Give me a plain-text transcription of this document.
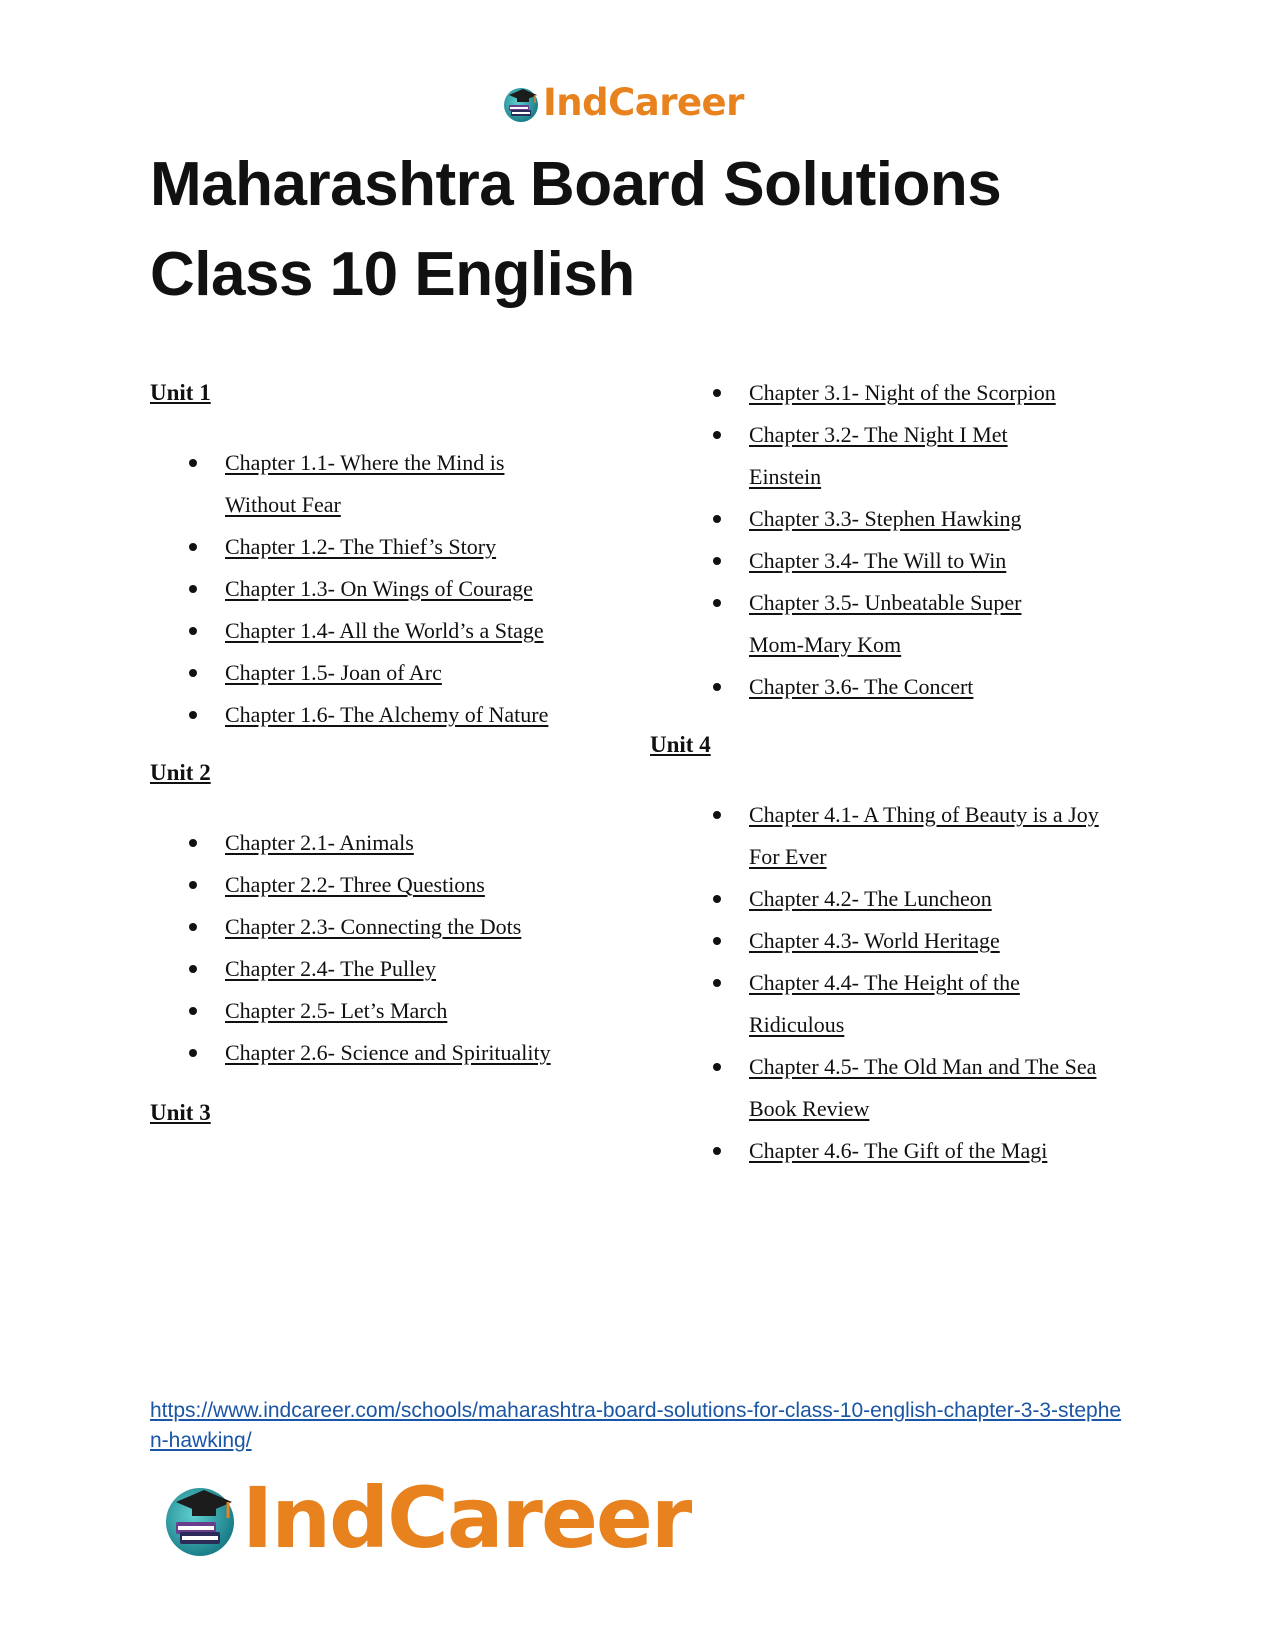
IndCareer
Maharashtra Board Solutions
Class 10 English
Unit 1
Chapter 1.1- Where the Mind is Without Fear
Chapter 1.2- The Thief’s Story
Chapter 1.3- On Wings of Courage
Chapter 1.4- All the World’s a Stage
Chapter 1.5- Joan of Arc
Chapter 1.6- The Alchemy of Nature
Unit 2
Chapter 2.1- Animals
Chapter 2.2- Three Questions
Chapter 2.3- Connecting the Dots
Chapter 2.4- The Pulley
Chapter 2.5- Let’s March
Chapter 2.6- Science and Spirituality
Unit 3
Chapter 3.1- Night of the Scorpion
Chapter 3.2- The Night I Met Einstein
Chapter 3.3- Stephen Hawking
Chapter 3.4- The Will to Win
Chapter 3.5- Unbeatable Super Mom-Mary Kom
Chapter 3.6- The Concert
Unit 4
Chapter 4.1- A Thing of Beauty is a Joy For Ever
Chapter 4.2- The Luncheon
Chapter 4.3- World Heritage
Chapter 4.4- The Height of the Ridiculous
Chapter 4.5- The Old Man and The Sea Book Review
Chapter 4.6- The Gift of the Magi
https://www.indcareer.com/schools/maharashtra-board-solutions-for-class-10-english-chapter-3-3-stephen-hawking/
IndCareer
